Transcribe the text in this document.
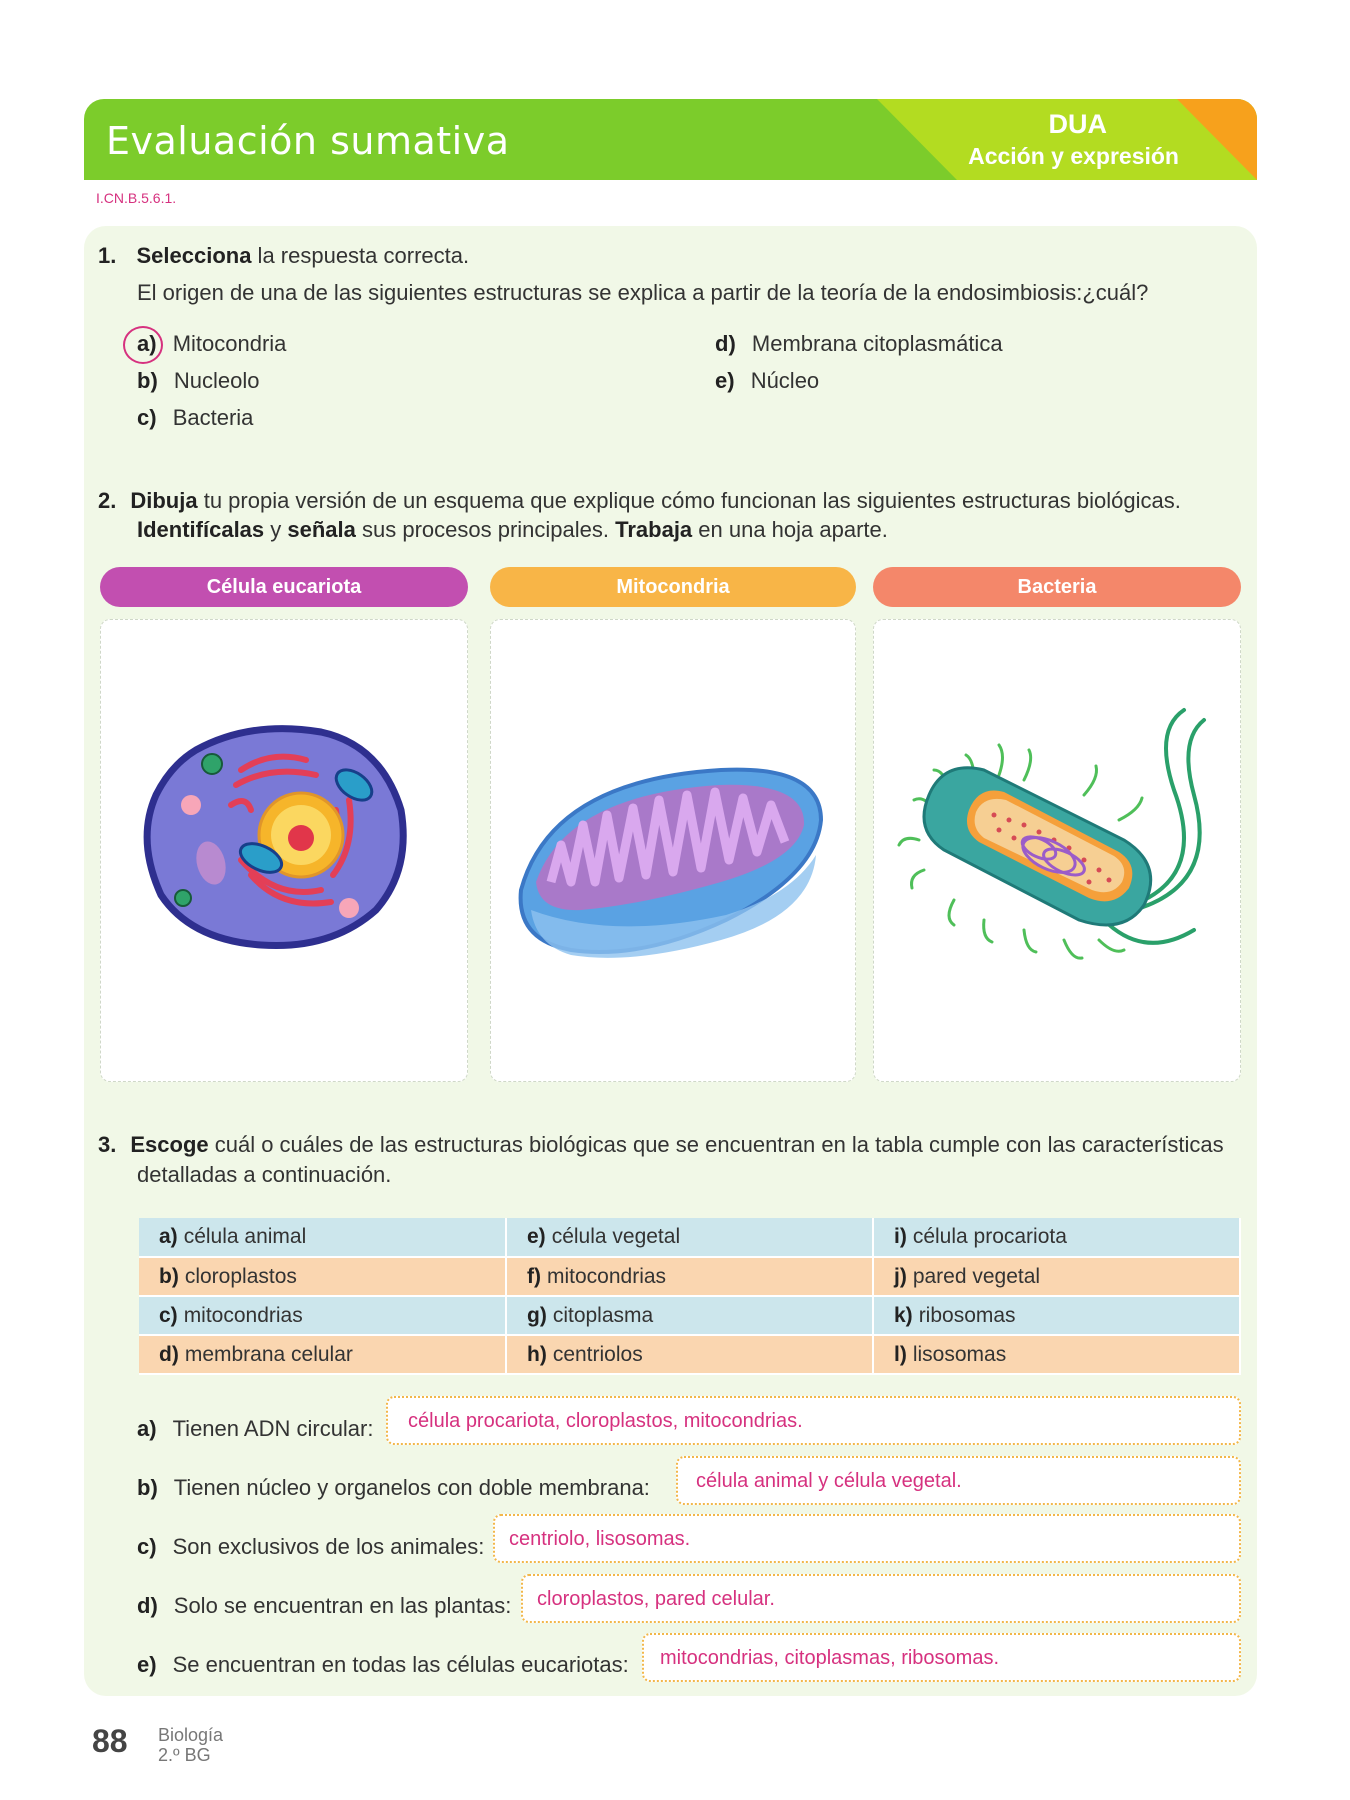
Evaluación sumativa	DUA
Acción y expresión
I.CN.B.5.6.1.
1. Selecciona la respuesta correcta.
El origen de una de las siguientes estructuras se explica a partir de la teoría de la endosimbiosis:¿cuál?
a) Mitocondria
b) Nucleolo
c) Bacteria
d) Membrana citoplasmática
e) Núcleo
2. Dibuja tu propia versión de un esquema que explique cómo funcionan las siguientes estructuras biológicas.
Identifícalas y señala sus procesos principales. Trabaja en una hoja aparte.
Célula eucariota	Mitocondria	Bacteria
3. Escoge cuál o cuáles de las estructuras biológicas que se encuentran en la tabla cumple con las características
detalladas a continuación.
a) célula animal	e) célula vegetal	i) célula procariota
b) cloroplastos	f) mitocondrias	j) pared vegetal
c) mitocondrias	g) citoplasma	k) ribosomas
d) membrana celular	h) centriolos	l) lisosomas
a) Tienen ADN circular: célula procariota, cloroplastos, mitocondrias.
b) Tienen núcleo y organelos con doble membrana: célula animal y célula vegetal.
c) Son exclusivos de los animales: centriolo, lisosomas.
d) Solo se encuentran en las plantas: cloroplastos, pared celular.
e) Se encuentran en todas las células eucariotas: mitocondrias, citoplasmas, ribosomas.
88 Biología
2.º BG
